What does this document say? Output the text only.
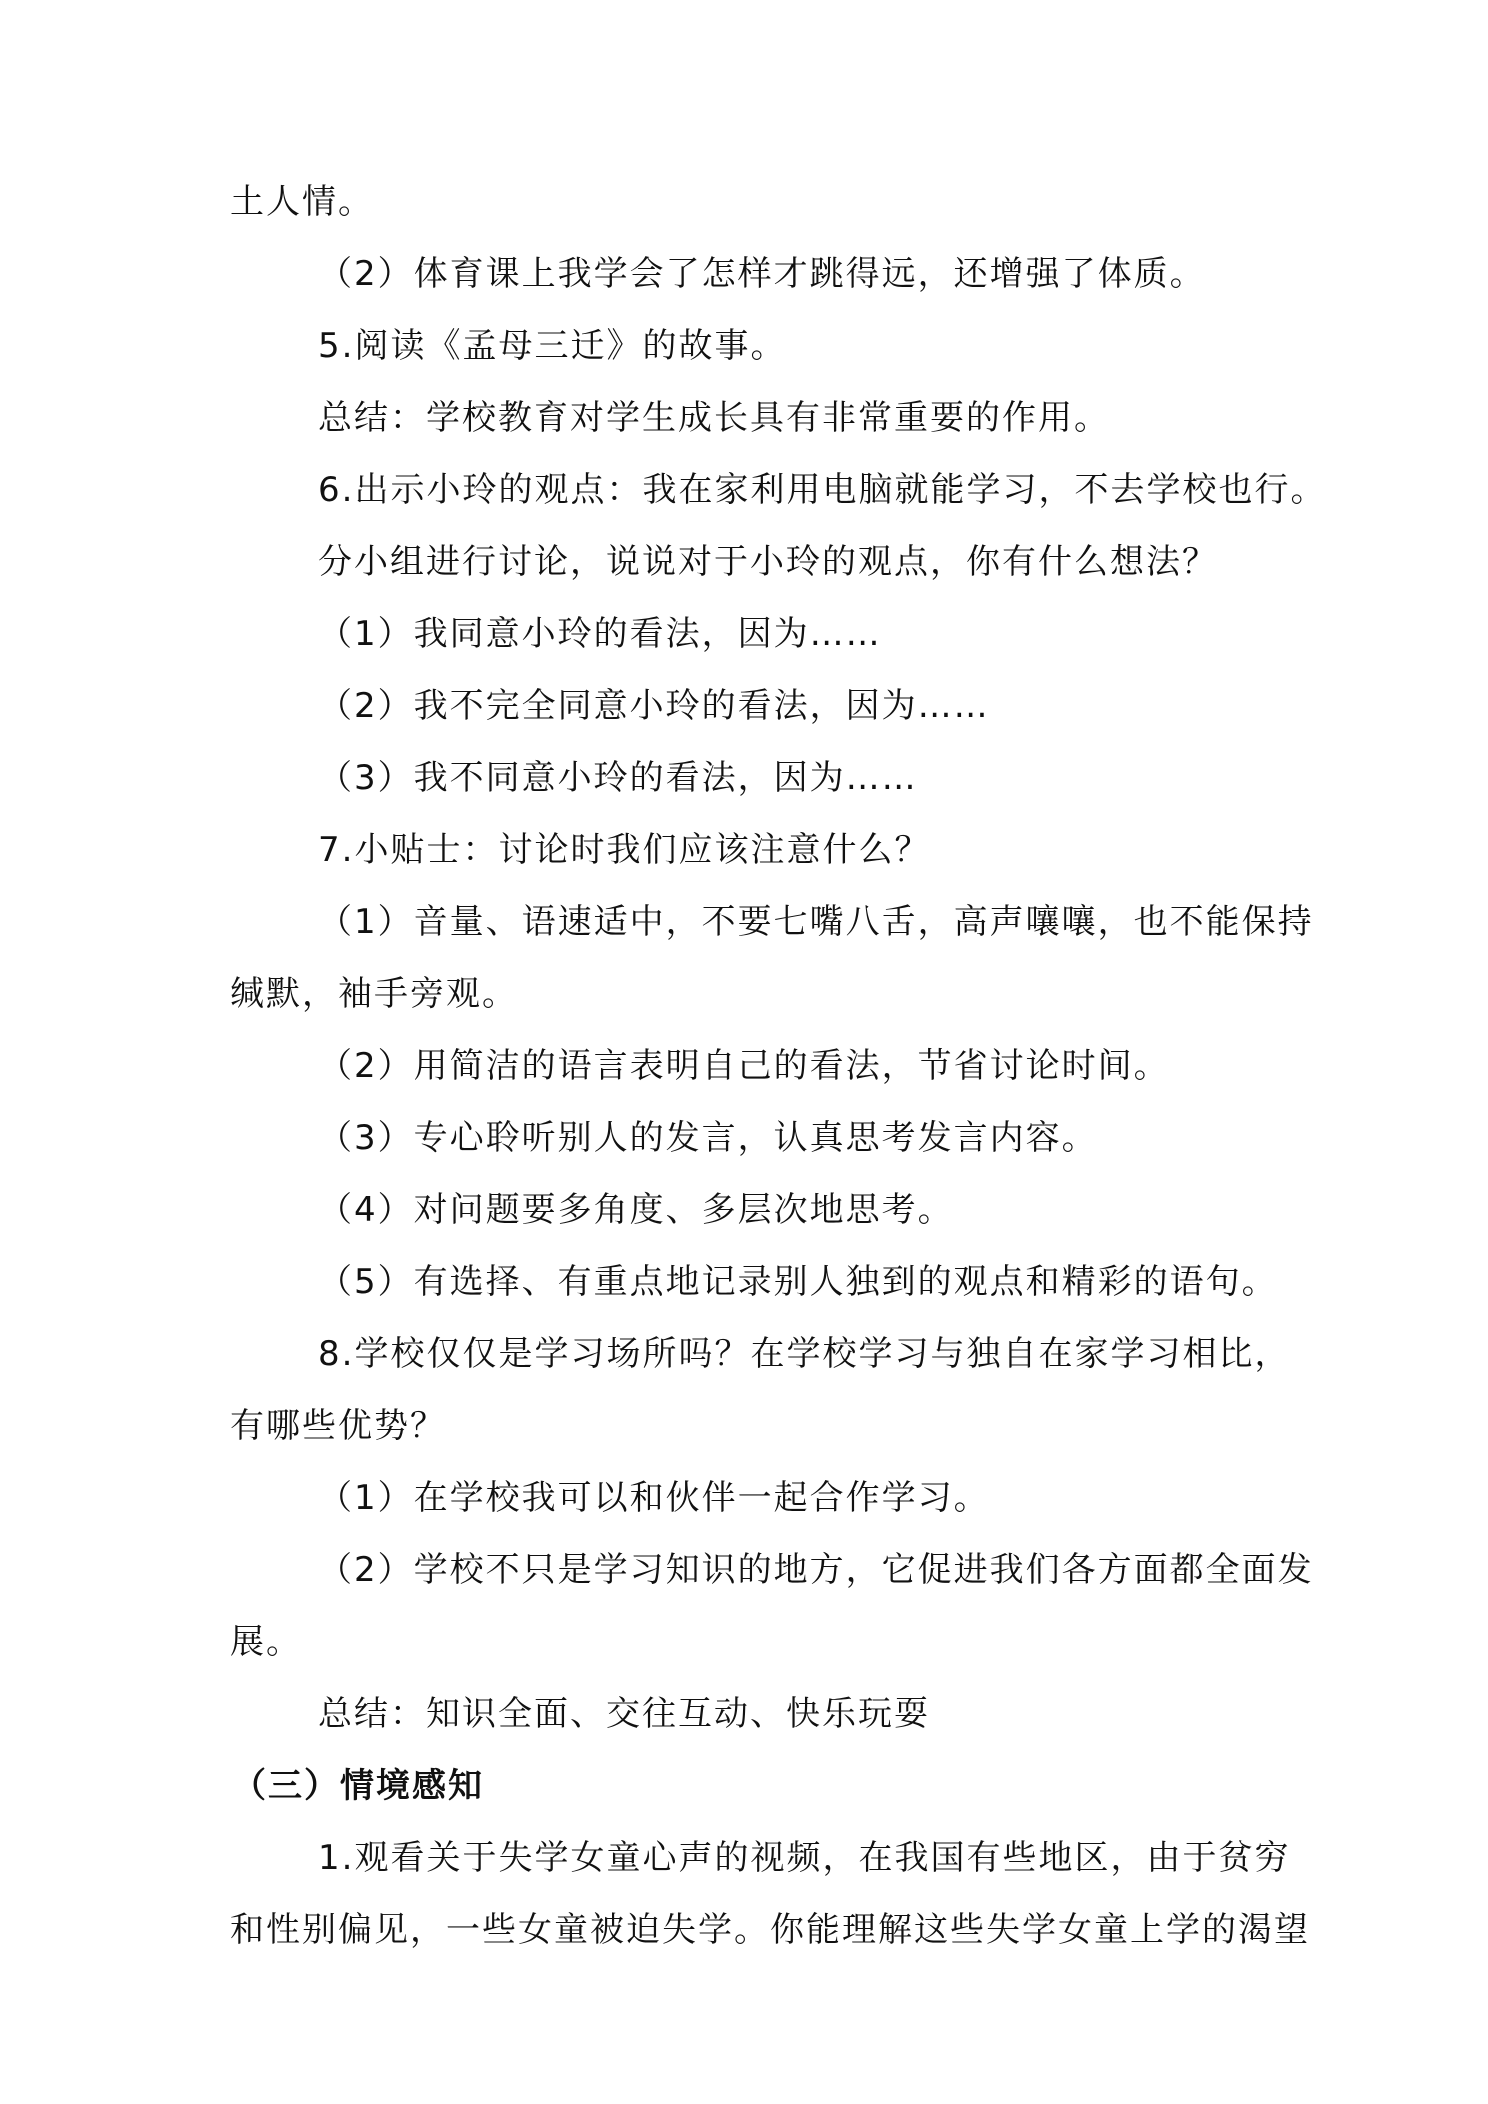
土人情。
（2）体育课上我学会了怎样才跳得远，还增强了体质。
5.阅读《孟母三迁》的故事。
总结：学校教育对学生成长具有非常重要的作用。
6.出示小玲的观点：我在家利用电脑就能学习，不去学校也行。
分小组进行讨论，说说对于小玲的观点，你有什么想法？
（1）我同意小玲的看法，因为……
（2）我不完全同意小玲的看法，因为……
（3）我不同意小玲的看法，因为……
7.小贴士：讨论时我们应该注意什么？
（1）音量、语速适中，不要七嘴八舌，高声嚷嚷，也不能保持
缄默，袖手旁观。
（2）用简洁的语言表明自己的看法，节省讨论时间。
（3）专心聆听别人的发言，认真思考发言内容。
（4）对问题要多角度、多层次地思考。
（5）有选择、有重点地记录别人独到的观点和精彩的语句。
8.学校仅仅是学习场所吗？在学校学习与独自在家学习相比，
有哪些优势？
（1）在学校我可以和伙伴一起合作学习。
（2）学校不只是学习知识的地方，它促进我们各方面都全面发
展。
总结：知识全面、交往互动、快乐玩耍
（三）情境感知
1.观看关于失学女童心声的视频，在我国有些地区，由于贫穷
和性别偏见，一些女童被迫失学。你能理解这些失学女童上学的渴望
